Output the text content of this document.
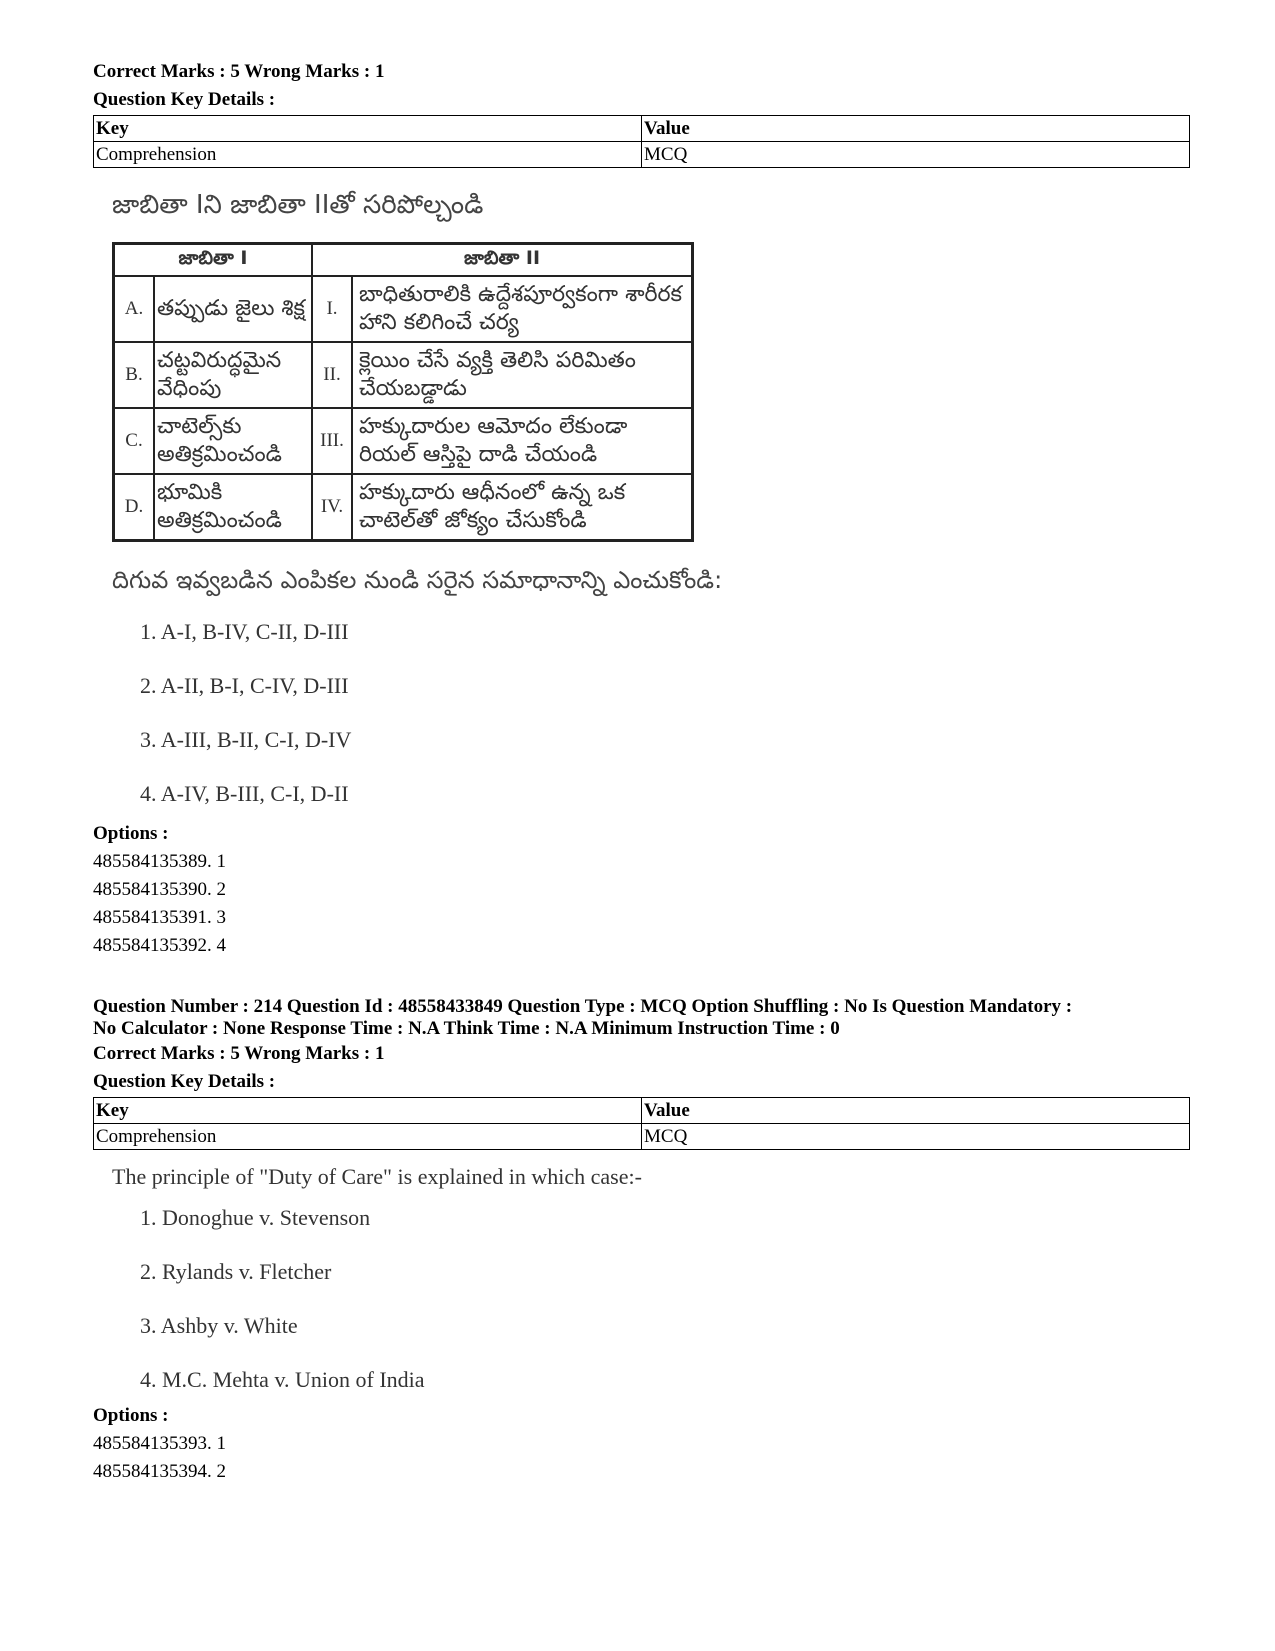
Correct Marks : 5 Wrong Marks : 1
Question Key Details :
Key	Value
Comprehension	MCQ
జాబితా Iని జాబితా IIతో సరిపోల్చండి
జాబితా I		జాబితా II	
A.	తప్పుడు జైలు శిక్ష	I.	బాధితురాలికి ఉద్దేశపూర్వకంగా శారీరక హాని కలిగించే చర్య
B.	చట్టవిరుద్ధమైన వేధింపు	II.	క్లెయిం చేసే వ్యక్తి తెలిసి పరిమితం చేయబడ్డాడు
C.	చాటెల్స్‌కు అతిక్రమించండి	III.	హక్కుదారుల ఆమోదం లేకుండా రియల్ ఆస్తిపై దాడి చేయండి
D.	భూమికి అతిక్రమించండి	IV.	హక్కుదారు ఆధీనంలో ఉన్న ఒక చాటెల్‌తో జోక్యం చేసుకోండి
దిగువ ఇవ్వబడిన ఎంపికల నుండి సరైన సమాధానాన్ని ఎంచుకోండి:
1. A-I, B-IV, C-II, D-III
2. A-II, B-I, C-IV, D-III
3. A-III, B-II, C-I, D-IV
4. A-IV, B-III, C-I, D-II
Options :
485584135389. 1
485584135390. 2
485584135391. 3
485584135392. 4
Question Number : 214 Question Id : 48558433849 Question Type : MCQ Option Shuffling : No Is Question Mandatory :
No Calculator : None Response Time : N.A Think Time : N.A Minimum Instruction Time : 0
Correct Marks : 5 Wrong Marks : 1
Question Key Details :
Key	Value
Comprehension	MCQ
The principle of "Duty of Care" is explained in which case:-
1. Donoghue v. Stevenson
2. Rylands v. Fletcher
3. Ashby v. White
4. M.C. Mehta v. Union of India
Options :
485584135393. 1
485584135394. 2
